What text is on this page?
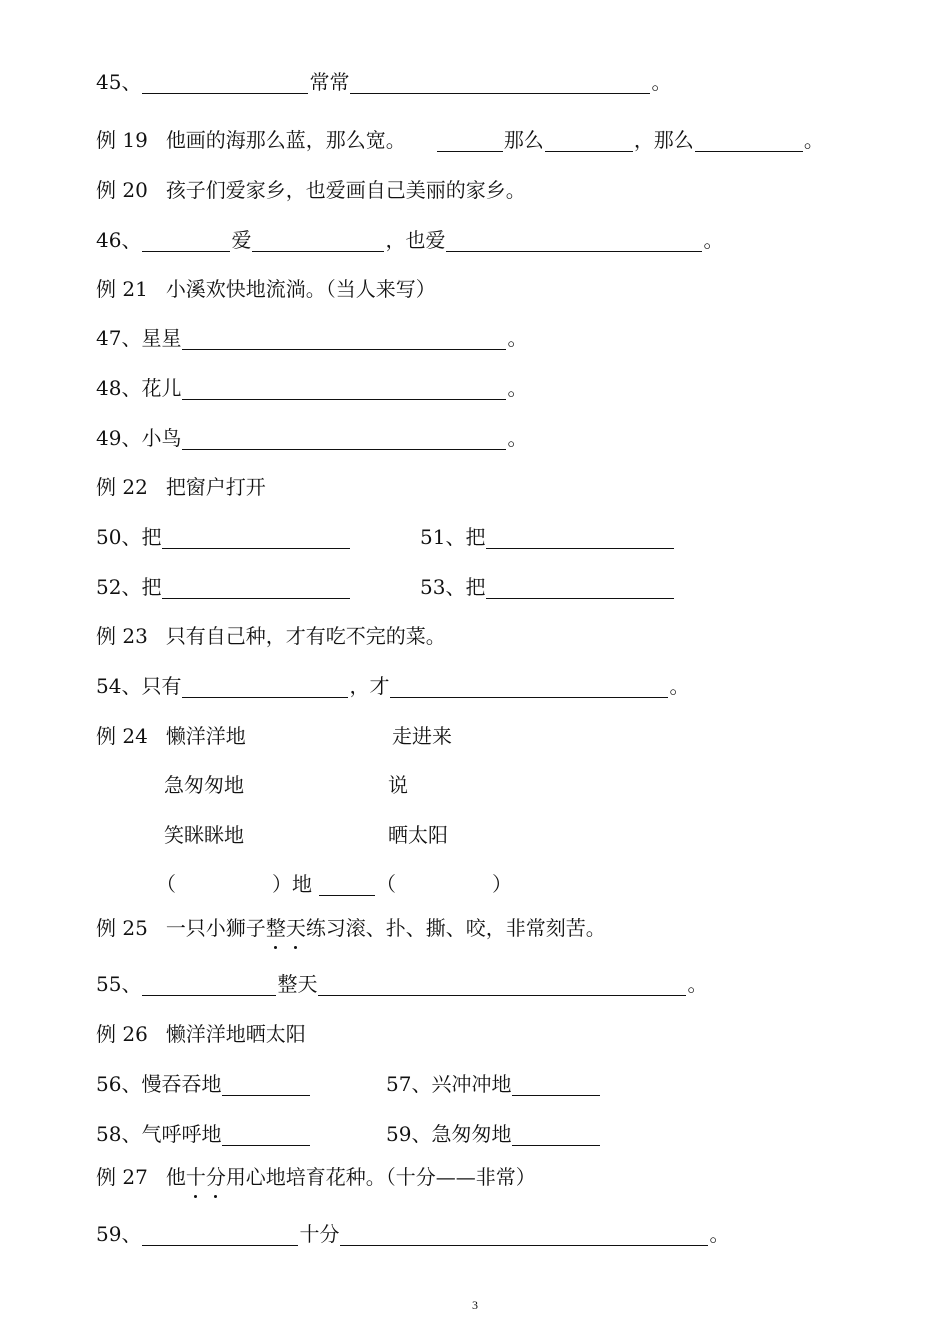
45、	常常	。
例 19 他画的海那么蓝，那么宽。	那么	，那么	。
例 20 孩子们爱家乡，也爱画自己美丽的家乡。
46、	爱	，也爱	。
例 21 小溪欢快地流淌。（当人来写）
47、 星星	。
48、 花儿	。
49、 小鸟	。
例 22 把窗户打开
50、 把	51、 把
52、 把	53、 把
例 23 只有自己种，才有吃不完的菜。
54、 只有	，才	。
例 24 懒洋洋地	走进来
急匆匆地	说
笑眯眯地	晒太阳
（	）地	（	）
例 25 一只小狮子 整 天 练习滚、扑、撕、咬，非常刻苦。
55、	整天	。
例 26 懒洋洋地晒太阳
56、 慢吞吞地	57、 兴冲冲地
58、 气呼呼地	59、 急匆匆地
例 27 他 十 分 用心地培育花种。（十分——非常）
59、	十分	。
3
